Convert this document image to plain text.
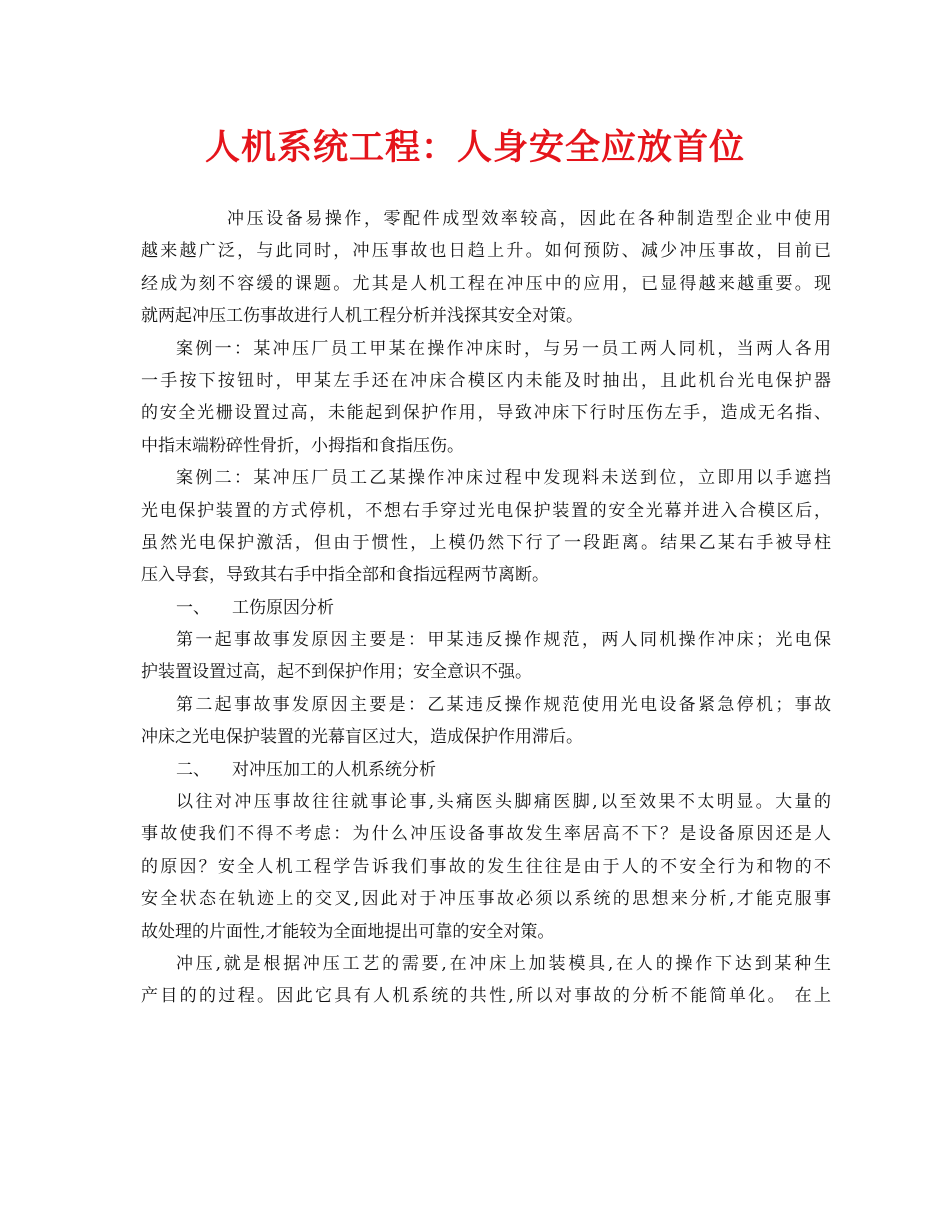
人机系统工程：人身安全应放首位
冲压设备易操作，零配件成型效率较高，因此在各种制造型企业中使用
越来越广泛，与此同时，冲压事故也日趋上升。如何预防、减少冲压事故，目前已
经成为刻不容缓的课题。尤其是人机工程在冲压中的应用，已显得越来越重要。现
就两起冲压工伤事故进行人机工程分析并浅探其安全对策。
案例一：某冲压厂员工甲某在操作冲床时，与另一员工两人同机，当两人各用
一手按下按钮时，甲某左手还在冲床合模区内未能及时抽出，且此机台光电保护器
的安全光栅设置过高，未能起到保护作用，导致冲床下行时压伤左手，造成无名指、
中指末端粉碎性骨折，小拇指和食指压伤。
案例二：某冲压厂员工乙某操作冲床过程中发现料未送到位，立即用以手遮挡
光电保护装置的方式停机，不想右手穿过光电保护装置的安全光幕并进入合模区后，
虽然光电保护激活，但由于惯性，上模仍然下行了一段距离。结果乙某右手被导柱
压入导套，导致其右手中指全部和食指远程两节离断。
一、 工伤原因分析
第一起事故事发原因主要是：甲某违反操作规范，两人同机操作冲床；光电保
护装置设置过高，起不到保护作用；安全意识不强。
第二起事故事发原因主要是：乙某违反操作规范使用光电设备紧急停机；事故
冲床之光电保护装置的光幕盲区过大，造成保护作用滞后。
二、 对冲压加工的人机系统分析
以往对冲压事故往往就事论事,头痛医头脚痛医脚,以至效果不太明显。大量的
事故使我们不得不考虑：为什么冲压设备事故发生率居高不下？是设备原因还是人
的原因？安全人机工程学告诉我们事故的发生往往是由于人的不安全行为和物的不
安全状态在轨迹上的交叉,因此对于冲压事故必须以系统的思想来分析,才能克服事
故处理的片面性,才能较为全面地提出可靠的安全对策。
冲压,就是根据冲压工艺的需要,在冲床上加装模具,在人的操作下达到某种生
产目的的过程。因此它具有人机系统的共性,所以对事故的分析不能简单化。 在上
